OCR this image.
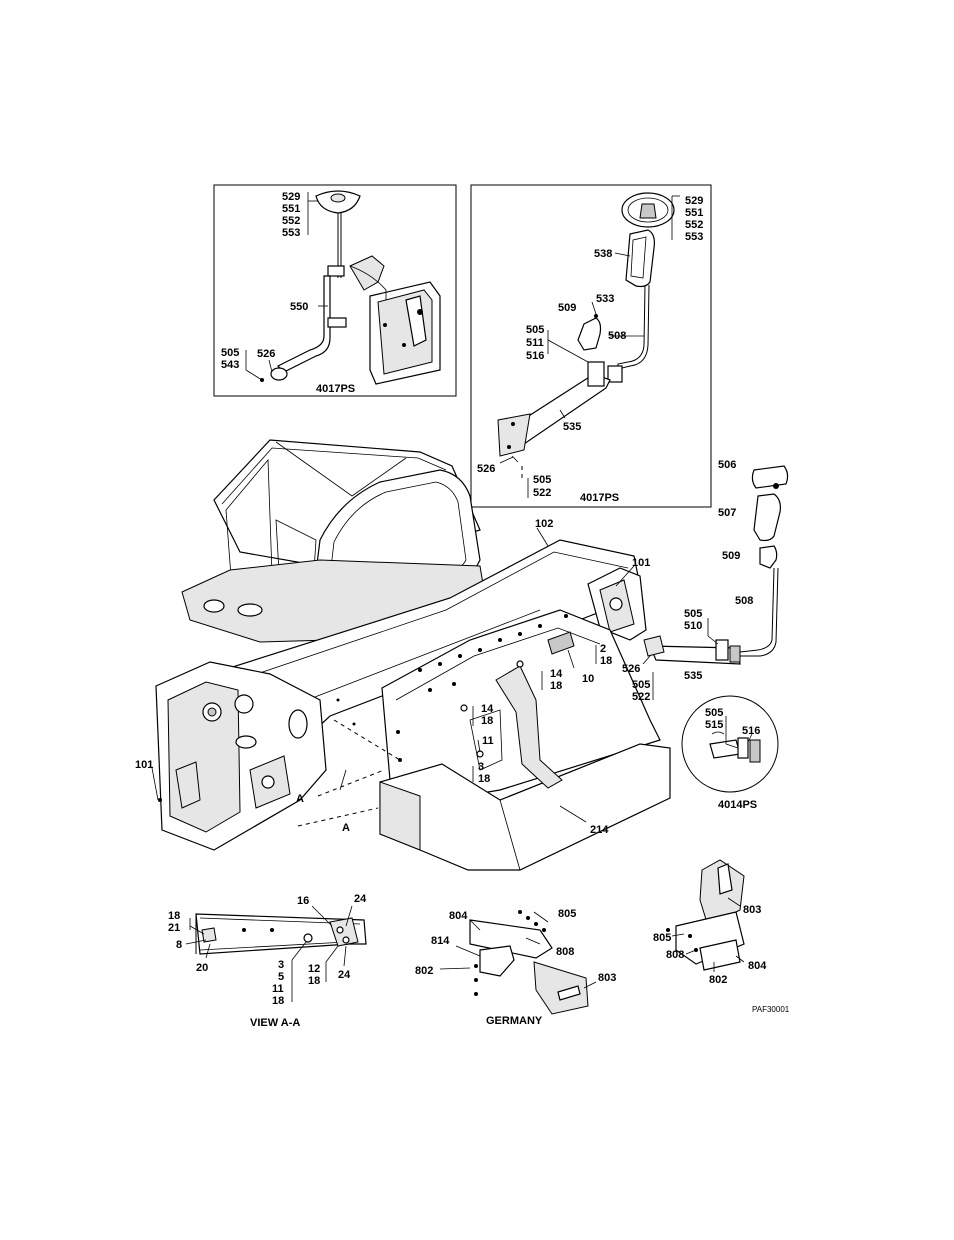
529
551
552
553
550
505
543
526
4017PS
529
551
552
553
538
509
533
508
505
511
516
535
526
505
522	4017PS
102
101
101
2
18
14
18
10
14
18
11
3
18
214
506
507
509
508
505
510
526
505
522
535
A
A
505
515 516
4014PS
18
21
8
20
16	24
3
5
11
18
12
18 24
VIEW A-A
804	805
814
808
802
803
GERMANY
803
805
808
804
802
PAF30001
